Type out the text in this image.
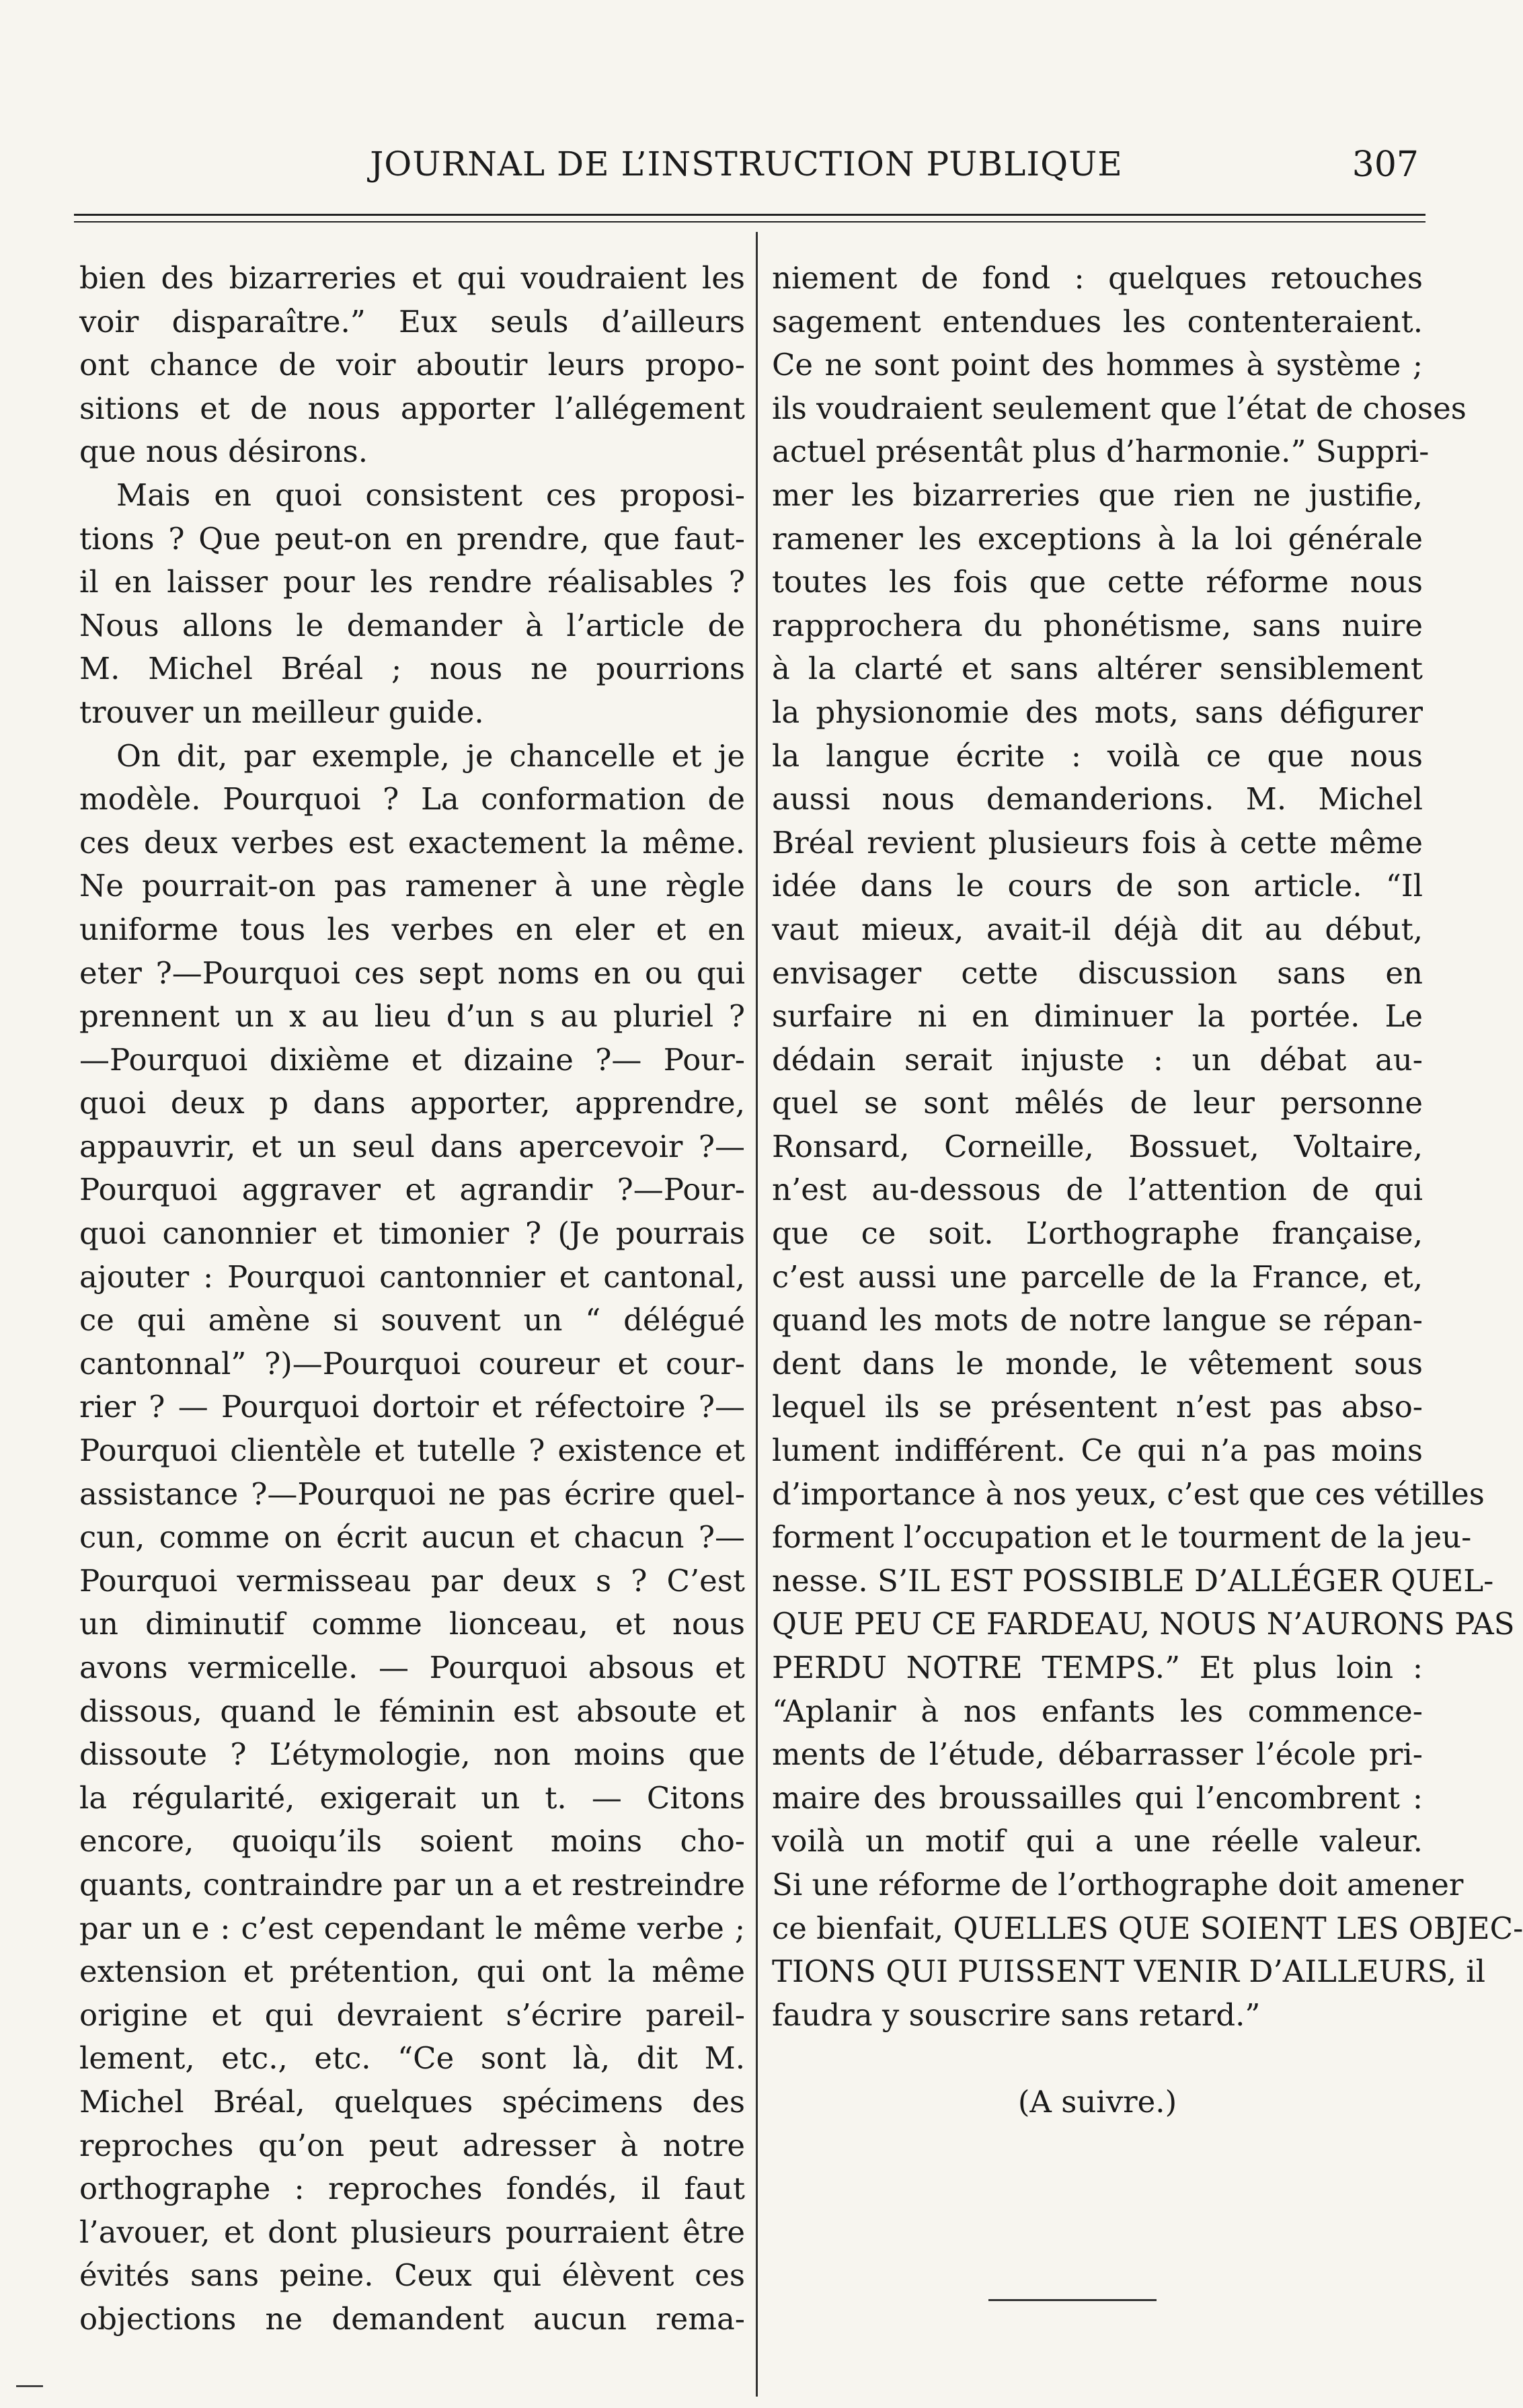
JOURNAL DE L’INSTRUCTION PUBLIQUE	307
bien des bizarreries et qui voudraient les
voir disparaître.” Eux seuls d’ailleurs
ont chance de voir aboutir leurs propo-
sitions et de nous apporter l’allégement
que nous désirons.
Mais en quoi consistent ces proposi-
tions ? Que peut-on en prendre, que faut-
il en laisser pour les rendre réalisables ?
Nous allons le demander à l’article de
M. Michel Bréal ; nous ne pourrions
trouver un meilleur guide.
On dit, par exemple, je chancelle et je
modèle. Pourquoi ? La conformation de
ces deux verbes est exactement la même.
Ne pourrait-on pas ramener à une règle
uniforme tous les verbes en eler et en
eter ?—Pourquoi ces sept noms en ou qui
prennent un x au lieu d’un s au pluriel ?
—Pourquoi dixième et dizaine ?— Pour-
quoi deux p dans apporter, apprendre,
appauvrir, et un seul dans apercevoir ?—
Pourquoi aggraver et agrandir ?—Pour-
quoi canonnier et timonier ? (Je pourrais
ajouter : Pourquoi cantonnier et cantonal,
ce qui amène si souvent un “ délégué
cantonnal” ?)—Pourquoi coureur et cour-
rier ? — Pourquoi dortoir et réfectoire ?—
Pourquoi clientèle et tutelle ? existence et
assistance ?—Pourquoi ne pas écrire quel-
cun, comme on écrit aucun et chacun ?—
Pourquoi vermisseau par deux s ? C’est
un diminutif comme lionceau, et nous
avons vermicelle. — Pourquoi absous et
dissous, quand le féminin est absoute et
dissoute ? L’étymologie, non moins que
la régularité, exigerait un t. — Citons
encore, quoiqu’ils soient moins cho-
quants, contraindre par un a et restreindre
par un e : c’est cependant le même verbe ;
extension et prétention, qui ont la même
origine et qui devraient s’écrire pareil-
lement, etc., etc. “Ce sont là, dit M.
Michel Bréal, quelques spécimens des
reproches qu’on peut adresser à notre
orthographe : reproches fondés, il faut
l’avouer, et dont plusieurs pourraient être
évités sans peine. Ceux qui élèvent ces
objections ne demandent aucun rema-
niement de fond : quelques retouches
sagement entendues les contenteraient.
Ce ne sont point des hommes à système ;
ils voudraient seulement que l’état de choses
actuel présentât plus d’harmonie.” Suppri-
mer les bizarreries que rien ne justifie,
ramener les exceptions à la loi générale
toutes les fois que cette réforme nous
rapprochera du phonétisme, sans nuire
à la clarté et sans altérer sensiblement
la physionomie des mots, sans défigurer
la langue écrite : voilà ce que nous
aussi nous demanderions. M. Michel
Bréal revient plusieurs fois à cette même
idée dans le cours de son article. “Il
vaut mieux, avait-il déjà dit au début,
envisager cette discussion sans en
surfaire ni en diminuer la portée. Le
dédain serait injuste : un débat au-
quel se sont mêlés de leur personne
Ronsard, Corneille, Bossuet, Voltaire,
n’est au-dessous de l’attention de qui
que ce soit. L’orthographe française,
c’est aussi une parcelle de la France, et,
quand les mots de notre langue se répan-
dent dans le monde, le vêtement sous
lequel ils se présentent n’est pas abso-
lument indifférent. Ce qui n’a pas moins
d’importance à nos yeux, c’est que ces vétilles
forment l’occupation et le tourment de la jeu-
nesse. S’IL EST POSSIBLE D’ALLÉGER QUEL-
QUE PEU CE FARDEAU, NOUS N’AURONS PAS
PERDU NOTRE TEMPS.” Et plus loin :
“Aplanir à nos enfants les commence-
ments de l’étude, débarrasser l’école pri-
maire des broussailles qui l’encombrent :
voilà un motif qui a une réelle valeur.
Si une réforme de l’orthographe doit amener
ce bienfait, QUELLES QUE SOIENT LES OBJEC-
TIONS QUI PUISSENT VENIR D’AILLEURS, il
faudra y souscrire sans retard.”
(A suivre.)
